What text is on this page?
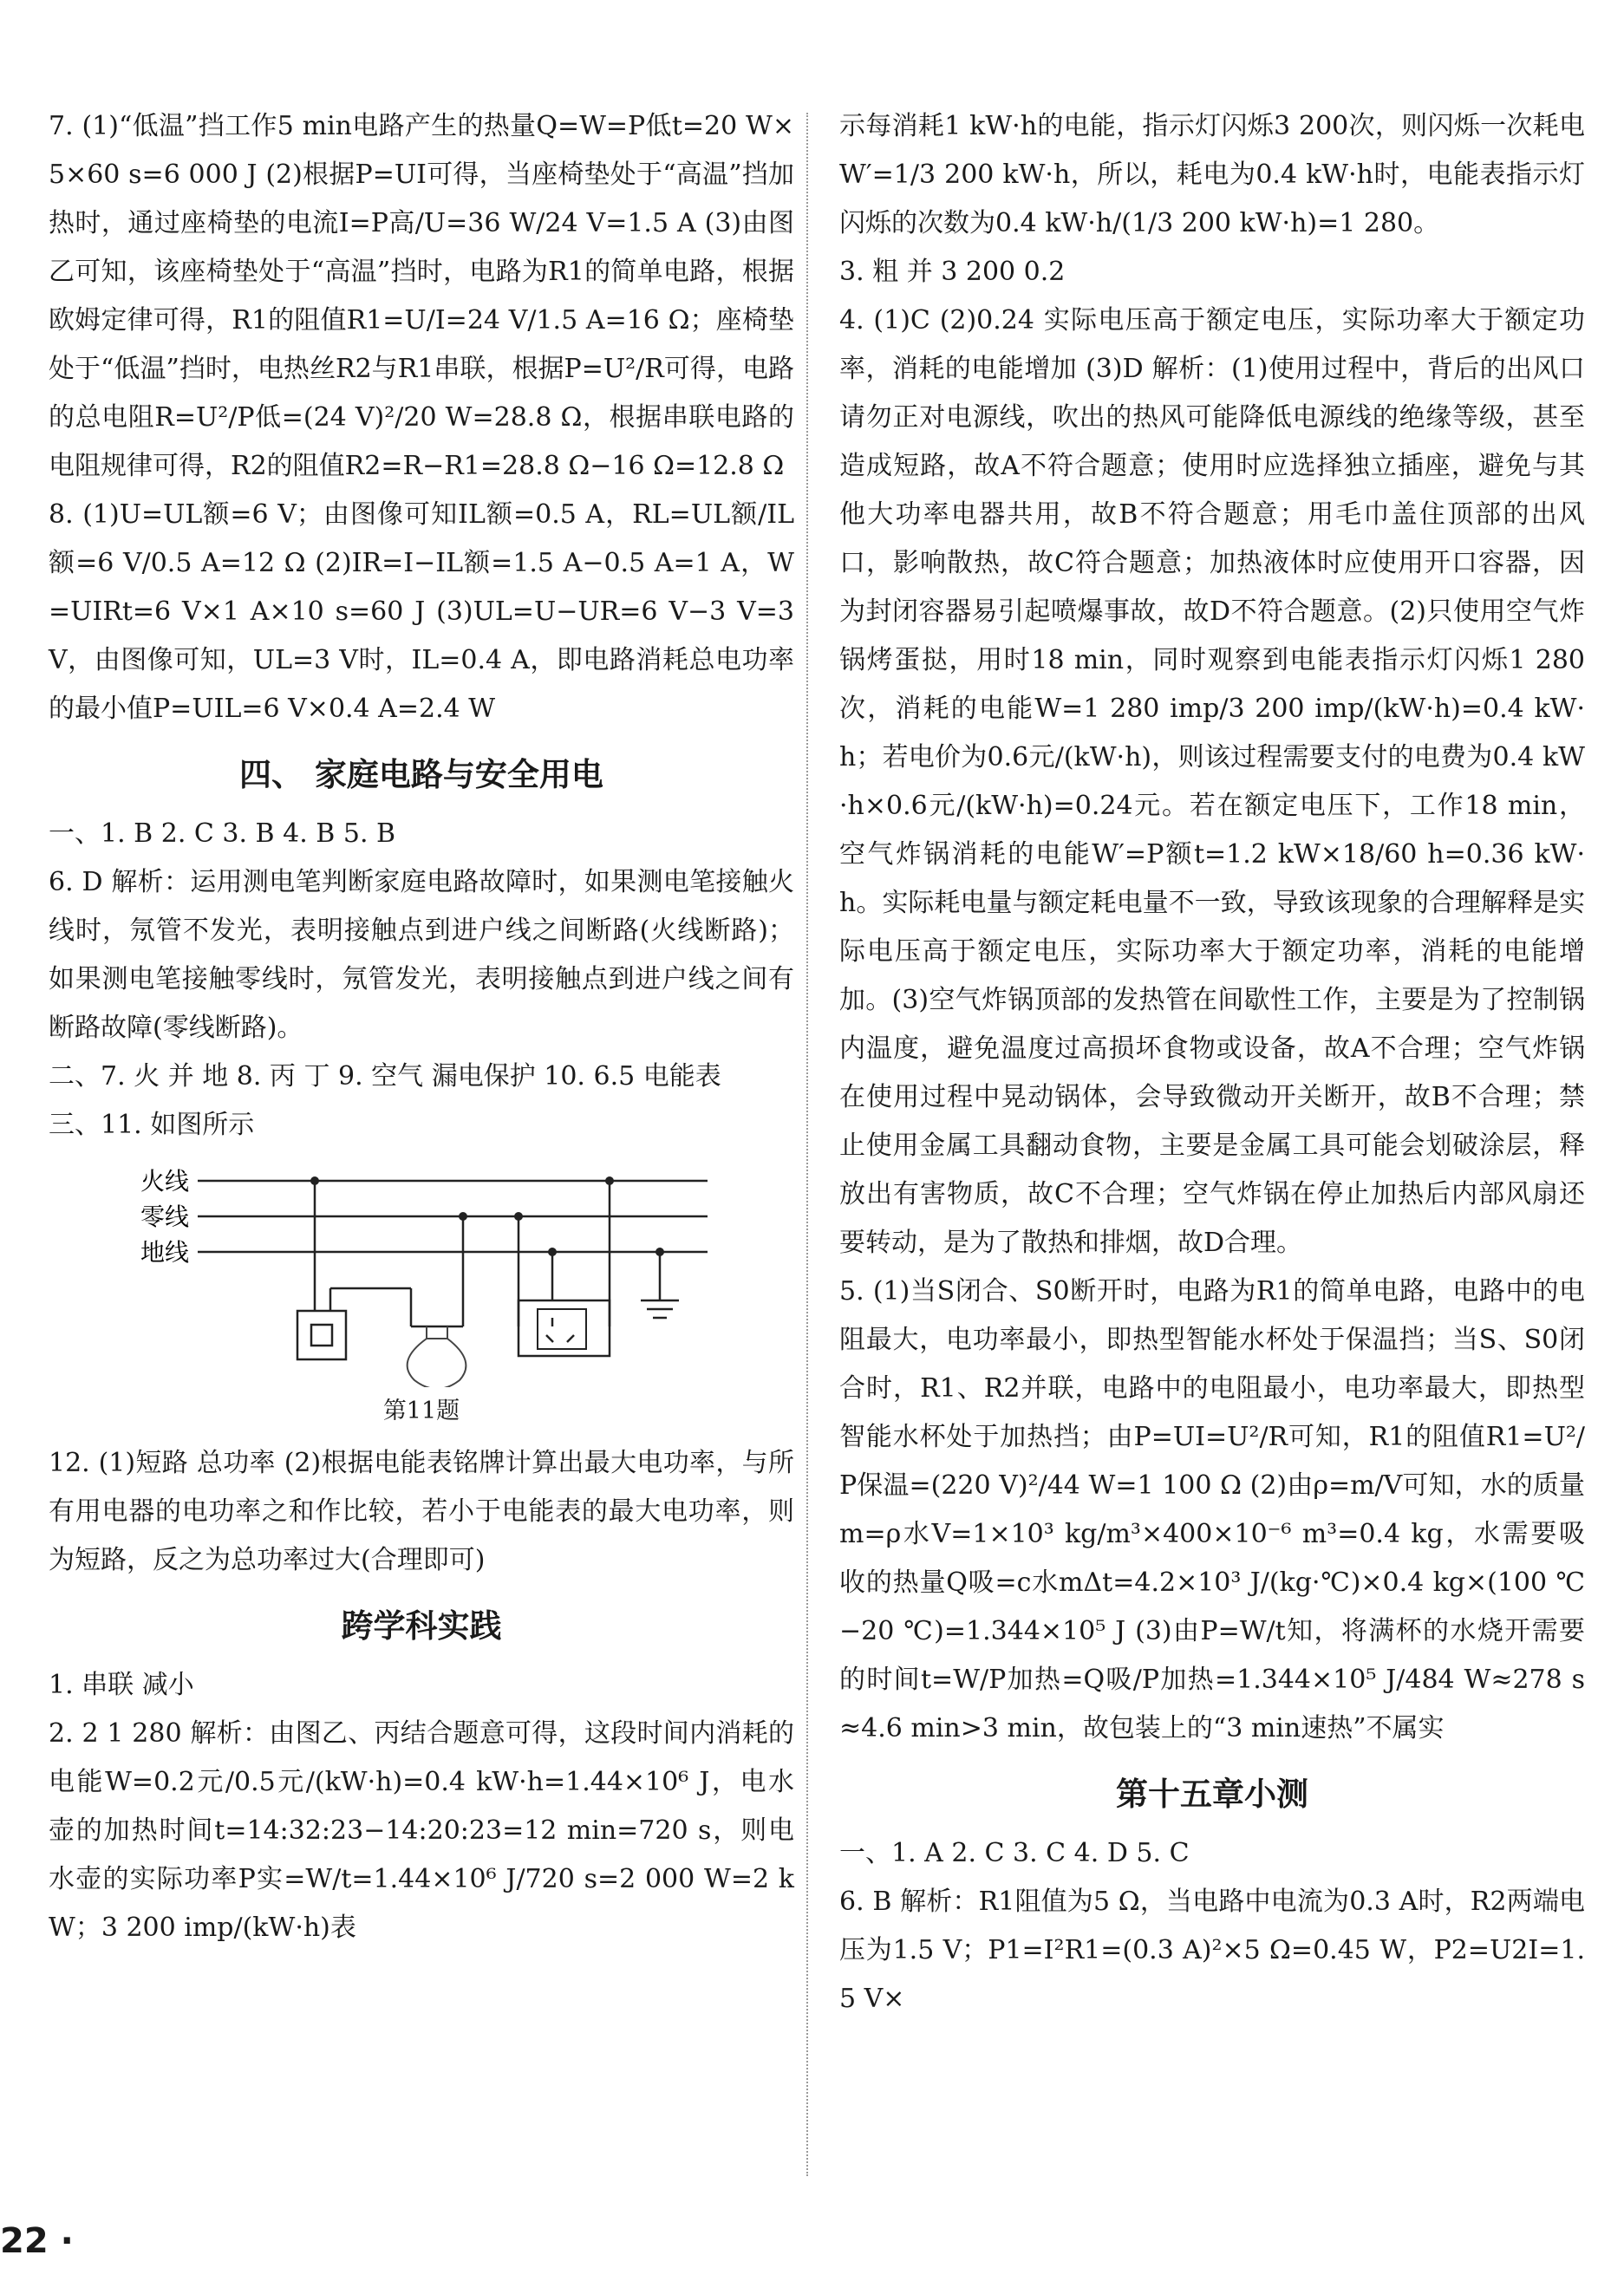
7. (1)“低温”挡工作5 min电路产生的热量Q=W=P低t=20 W×5×60 s=6 000 J (2)根据P=UI可得，当座椅垫处于“高温”挡加热时，通过座椅垫的电流I=P高/U=36 W/24 V=1.5 A (3)由图乙可知，该座椅垫处于“高温”挡时，电路为R1的简单电路，根据欧姆定律可得，R1的阻值R1=U/I=24 V/1.5 A=16 Ω；座椅垫处于“低温”挡时，电热丝R2与R1串联，根据P=U²/R可得，电路的总电阻R=U²/P低=(24 V)²/20 W=28.8 Ω，根据串联电路的电阻规律可得，R2的阻值R2=R−R1=28.8 Ω−16 Ω=12.8 Ω

8. (1)U=UL额=6 V；由图像可知IL额=0.5 A，RL=UL额/IL额=6 V/0.5 A=12 Ω (2)IR=I−IL额=1.5 A−0.5 A=1 A，W=UIRt=6 V×1 A×10 s=60 J (3)UL=U−UR=6 V−3 V=3 V，由图像可知，UL=3 V时，IL=0.4 A，即电路消耗总电功率的最小值P=UIL=6 V×0.4 A=2.4 W

四、 家庭电路与安全用电

一、1. B 2. C 3. B 4. B 5. B

6. D 解析：运用测电笔判断家庭电路故障时，如果测电笔接触火线时，氖管不发光，表明接触点到进户线之间断路(火线断路)；如果测电笔接触零线时，氖管发光，表明接触点到进户线之间有断路故障(零线断路)。

二、7. 火 并 地 8. 丙 丁 9. 空气 漏电保护 10. 6.5 电能表

三、11. 如图所示

火线
零线
地线
第11题

12. (1)短路 总功率 (2)根据电能表铭牌计算出最大电功率，与所有用电器的电功率之和作比较，若小于电能表的最大电功率，则为短路，反之为总功率过大(合理即可)

跨学科实践

1. 串联 减小

2. 2 1 280 解析：由图乙、丙结合题意可得，这段时间内消耗的电能W=0.2元/0.5元/(kW·h)=0.4 kW·h=1.44×10⁶ J，电水壶的加热时间t=14:32:23−14:20:23=12 min=720 s，则电水壶的实际功率P实=W/t=1.44×10⁶ J/720 s=2 000 W=2 kW；3 200 imp/(kW·h)表

示每消耗1 kW·h的电能，指示灯闪烁3 200次，则闪烁一次耗电W′=1/3 200 kW·h，所以，耗电为0.4 kW·h时，电能表指示灯闪烁的次数为0.4 kW·h/(1/3 200 kW·h)=1 280。

3. 粗 并 3 200 0.2

4. (1)C (2)0.24 实际电压高于额定电压，实际功率大于额定功率，消耗的电能增加 (3)D 解析：(1)使用过程中，背后的出风口请勿正对电源线，吹出的热风可能降低电源线的绝缘等级，甚至造成短路，故A不符合题意；使用时应选择独立插座，避免与其他大功率电器共用，故B不符合题意；用毛巾盖住顶部的出风口，影响散热，故C符合题意；加热液体时应使用开口容器，因为封闭容器易引起喷爆事故，故D不符合题意。(2)只使用空气炸锅烤蛋挞，用时18 min，同时观察到电能表指示灯闪烁1 280次，消耗的电能W=1 280 imp/3 200 imp/(kW·h)=0.4 kW·h；若电价为0.6元/(kW·h)，则该过程需要支付的电费为0.4 kW·h×0.6元/(kW·h)=0.24元。若在额定电压下，工作18 min，空气炸锅消耗的电能W′=P额t=1.2 kW×18/60 h=0.36 kW·h。实际耗电量与额定耗电量不一致，导致该现象的合理解释是实际电压高于额定电压，实际功率大于额定功率，消耗的电能增加。(3)空气炸锅顶部的发热管在间歇性工作，主要是为了控制锅内温度，避免温度过高损坏食物或设备，故A不合理；空气炸锅在使用过程中晃动锅体，会导致微动开关断开，故B不合理；禁止使用金属工具翻动食物，主要是金属工具可能会划破涂层，释放出有害物质，故C不合理；空气炸锅在停止加热后内部风扇还要转动，是为了散热和排烟，故D合理。

5. (1)当S闭合、S0断开时，电路为R1的简单电路，电路中的电阻最大，电功率最小，即热型智能水杯处于保温挡；当S、S0闭合时，R1、R2并联，电路中的电阻最小，电功率最大，即热型智能水杯处于加热挡；由P=UI=U²/R可知，R1的阻值R1=U²/P保温=(220 V)²/44 W=1 100 Ω (2)由ρ=m/V可知，水的质量m=ρ水V=1×10³ kg/m³×400×10⁻⁶ m³=0.4 kg，水需要吸收的热量Q吸=c水mΔt=4.2×10³ J/(kg·℃)×0.4 kg×(100 ℃−20 ℃)=1.344×10⁵ J (3)由P=W/t知，将满杯的水烧开需要的时间t=W/P加热=Q吸/P加热=1.344×10⁵ J/484 W≈278 s≈4.6 min>3 min，故包装上的“3 min速热”不属实

第十五章小测

一、1. A 2. C 3. C 4. D 5. C

6. B 解析：R1阻值为5 Ω，当电路中电流为0.3 A时，R2两端电压为1.5 V；P1=I²R1=(0.3 A)²×5 Ω=0.45 W，P2=U2I=1.5 V×

22 ·
